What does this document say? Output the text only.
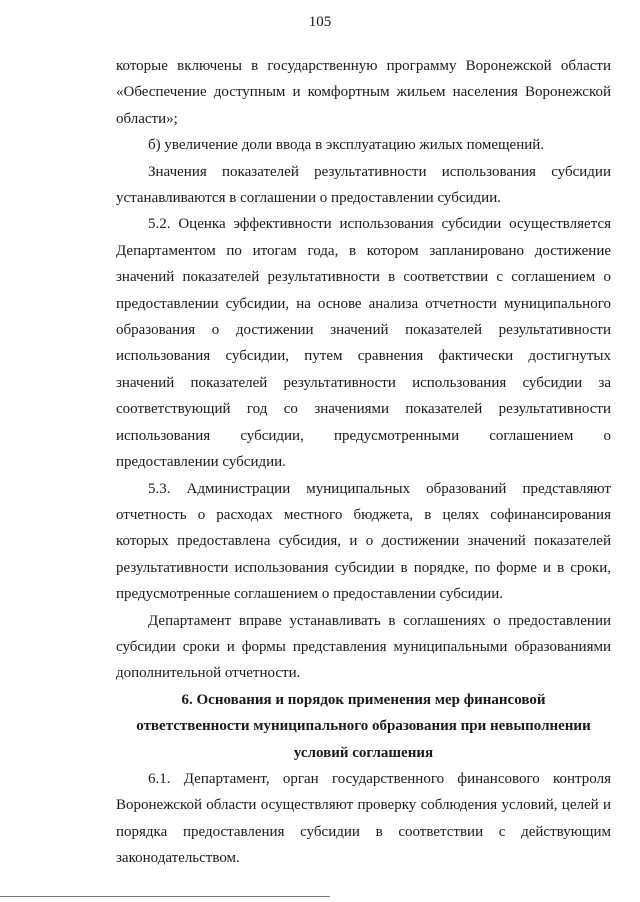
105

которые включены в государственную программу Воронежской области «Обеспечение доступным и комфортным жильем населения Воронежской области»;

б) увеличение доли ввода в эксплуатацию жилых помещений.

Значения показателей результативности использования субсидии устанавливаются в соглашении о предоставлении субсидии.

5.2. Оценка эффективности использования субсидии осуществляется Департаментом по итогам года, в котором запланировано достижение значений показателей результативности в соответствии с соглашением о предоставлении субсидии, на основе анализа отчетности муниципального образования о достижении значений показателей результативности использования субсидии, путем сравнения фактически достигнутых значений показателей результативности использования субсидии за соответствующий год со значениями показателей результативности использования субсидии, предусмотренными соглашением о предоставлении субсидии.

5.3. Администрации муниципальных образований представляют отчетность о расходах местного бюджета, в целях софинансирования которых предоставлена субсидия, и о достижении значений показателей результативности использования субсидии в порядке, по форме и в сроки, предусмотренные соглашением о предоставлении субсидии.

Департамент вправе устанавливать в соглашениях о предоставлении субсидии сроки и формы представления муниципальными образованиями дополнительной отчетности.

6. Основания и порядок применения мер финансовой

ответственности муниципального образования при невыполнении

условий соглашения

6.1. Департамент, орган государственного финансового контроля Воронежской области осуществляют проверку соблюдения условий, целей и порядка предоставления субсидии в соответствии с действующим законодательством.
